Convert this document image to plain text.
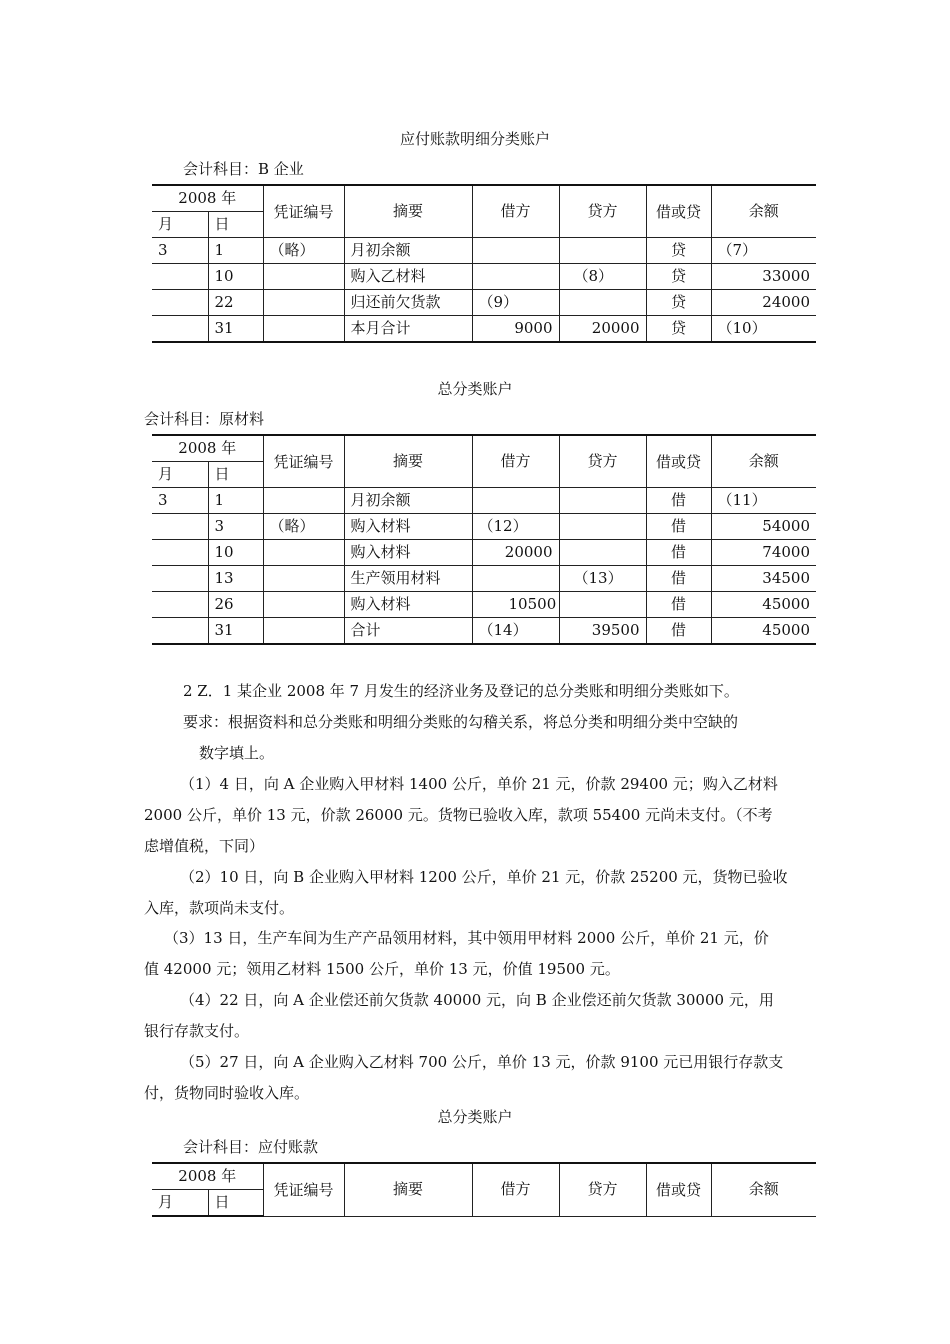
应付账款明细分类账户
会计科目：B 企业
2008 年		凭证编号	摘要	借方	贷方	借或贷	余额
月	日						
3	1	（略）	月初余额			贷	（7）
	10		购入乙材料		（8）	贷	33000
	22		归还前欠货款	（9）		贷	24000
	31		本月合计	9000	20000	贷	（10）
总分类账户
会计科目：原材料
2008 年		凭证编号	摘要	借方	贷方	借或贷	余额
月	日						
3	1		月初余额			借	（11）
	3	（略）	购入材料	（12）		借	54000
	10		购入材料	20000		借	74000
	13		生产领用材料		（13）	借	34500
	26		购入材料	10500		借	45000
	31		合计	（14）	39500	借	45000
2 Z．1 某企业 2008 年 7 月发生的经济业务及登记的总分类账和明细分类账如下。
要求：根据资料和总分类账和明细分类账的勾稽关系，将总分类和明细分类中空缺的
数字填上。
（1）4 日，向 A 企业购入甲材料 1400 公斤，单价 21 元，价款 29400 元；购入乙材料
2000 公斤，单价 13 元，价款 26000 元。货物已验收入库，款项 55400 元尚未支付。（不考
虑增值税，下同）
（2）10 日，向 B 企业购入甲材料 1200 公斤，单价 21 元，价款 25200 元，货物已验收
入库，款项尚未支付。
（3）13 日，生产车间为生产产品领用材料，其中领用甲材料 2000 公斤，单价 21 元，价
值 42000 元；领用乙材料 1500 公斤，单价 13 元，价值 19500 元。
（4）22 日，向 A 企业偿还前欠货款 40000 元，向 B 企业偿还前欠货款 30000 元，用
银行存款支付。
（5）27 日，向 A 企业购入乙材料 700 公斤，单价 13 元，价款 9100 元已用银行存款支
付，货物同时验收入库。
总分类账户
会计科目：应付账款
2008 年		凭证编号	摘要	借方	贷方	借或贷	余额
月	日						
